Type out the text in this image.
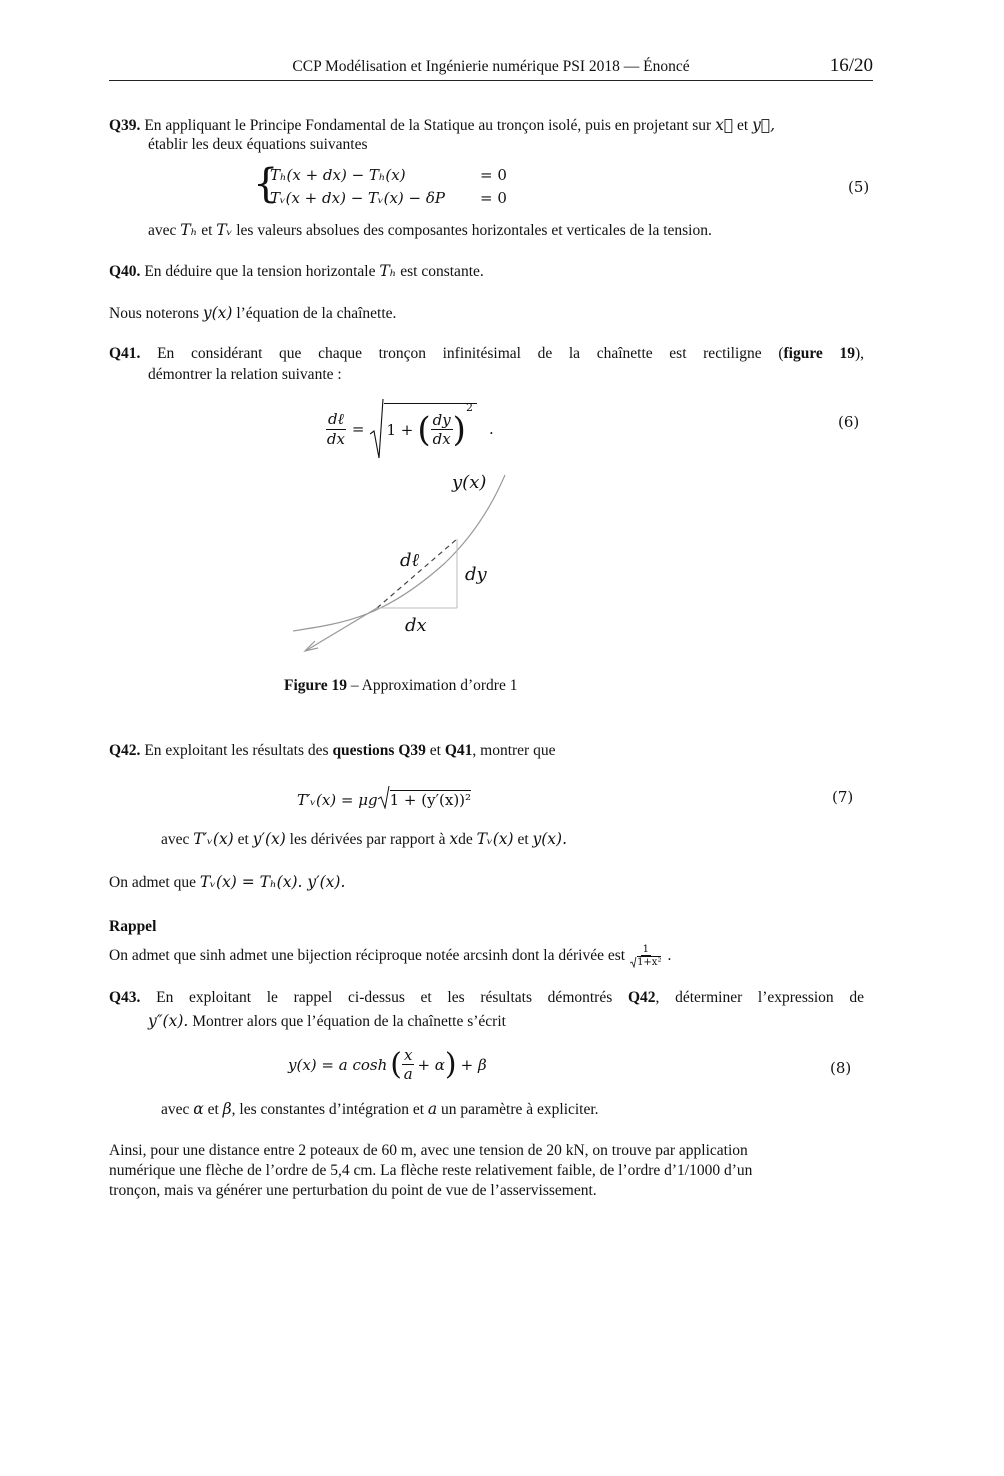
CCP Modélisation et Ingénierie numérique PSI 2018 — Énoncé	16/20
Q39. En appliquant le Principe Fondamental de la Statique au tronçon isolé, puis en projetant sur x⃗ et y⃗,
établir les deux équations suivantes
{
Tₕ(x + dx) − Tₕ(x)	= 0
Tᵥ(x + dx) − Tᵥ(x) − δP = 0
(5)
avec Tₕ et Tᵥ les valeurs absolues des composantes horizontales et verticales de la tension.
Q40. En déduire que la tension horizontale Tₕ est constante.
Nous noterons y(x) l’équation de la chaînette.
Q41. En considérant que chaque tronçon infinitésimal de la chaînette est rectiligne (figure 19),
démontrer la relation suivante :
$\frac{\text{dℓ}}{dx} = 1$ + ( $\frac{dy}{dx}$ )
2
.	(6)
y(x)
dℓ
dy
dx
Figure 19 – Approximation d’ordre 1
Q42. En exploitant les résultats des questions Q39 et Q41, montrer que
T′ᵥ(x) = μg 1 + (y′(x))²	(7)
avec T′ᵥ(x) et y′(x) les dérivées par rapport à xde Tᵥ(x) et y(x).
On admet que Tᵥ(x) = Tₕ(x). y′(x).
Rappel
On admet que sinh admet une bijection réciproque notée arcsinh dont la dérivée est $\frac{1}{\text{1+x²}}$ .
Q43. En exploitant le rappel ci-dessus et les résultats démontrés Q42, déterminer l’expression de
y″(x). Montrer alors que l’équation de la chaînette s’écrit
y(x) = a cosh ( $\frac{x}{a} + \alpha$ ) + β	(8)
avec α et β, les constantes d’intégration et a un paramètre à expliciter.
Ainsi, pour une distance entre 2 poteaux de 60 m, avec une tension de 20 kN, on trouve par application
numérique une flèche de l’ordre de 5,4 cm. La flèche reste relativement faible, de l’ordre d’1/1000 d’un
tronçon, mais va générer une perturbation du point de vue de l’asservissement.
